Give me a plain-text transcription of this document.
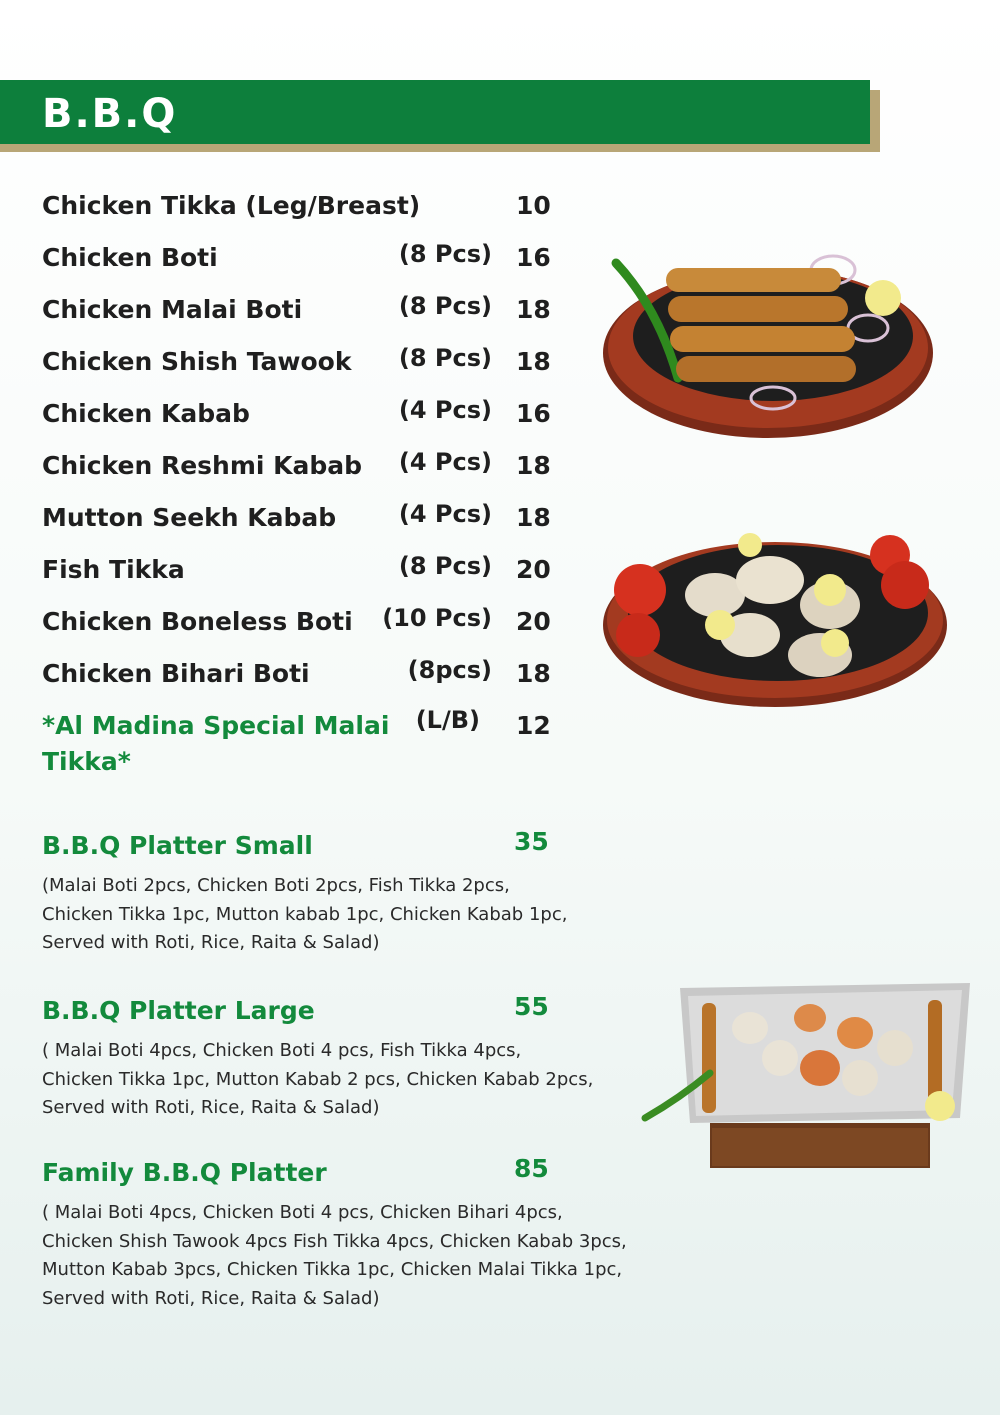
B.B.Q
Chicken Tikka (Leg/Breast)	10
Chicken Boti	(8 Pcs) 16
Chicken Malai Boti	(8 Pcs) 18
Chicken Shish Tawook (8 Pcs) 18
Chicken Kabab	(4 Pcs) 16
Chicken Reshmi Kabab (4 Pcs) 18
Mutton Seekh Kabab	(4 Pcs) 18
Fish Tikka	(8 Pcs) 20
Chicken Boneless Boti (10 Pcs) 20
Chicken Bihari Boti	(8pcs) 18
*Al Madina Special Malai Tikka*
(L/B) 12
B.B.Q Platter Small	35
(Malai Boti 2pcs, Chicken Boti 2pcs, Fish Tikka 2pcs,
Chicken Tikka 1pc, Mutton kabab 1pc, Chicken Kabab 1pc,
Served with Roti, Rice, Raita & Salad)
B.B.Q Platter Large	55
( Malai Boti 4pcs, Chicken Boti 4 pcs, Fish Tikka 4pcs,
Chicken Tikka 1pc, Mutton Kabab 2 pcs, Chicken Kabab 2pcs,
Served with Roti, Rice, Raita & Salad)
Family B.B.Q Platter	85
( Malai Boti 4pcs, Chicken Boti 4 pcs, Chicken Bihari 4pcs,
Chicken Shish Tawook 4pcs Fish Tikka 4pcs, Chicken Kabab 3pcs,
Mutton Kabab 3pcs, Chicken Tikka 1pc, Chicken Malai Tikka 1pc,
Served with Roti, Rice, Raita & Salad)
